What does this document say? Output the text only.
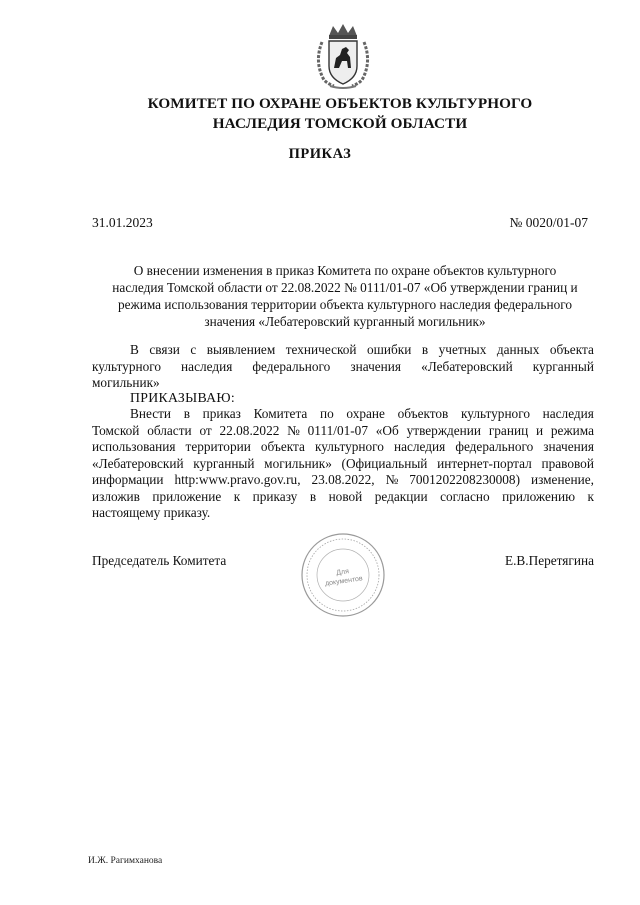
КОМИТЕТ ПО ОХРАНЕ ОБЪЕКТОВ КУЛЬТУРНОГО
НАСЛЕДИЯ ТОМСКОЙ ОБЛАСТИ
ПРИКАЗ
31.01.2023	№ 0020/01-07
О внесении изменения в приказ Комитета по охране объектов культурного
наследия Томской области от 22.08.2022 № 0111/01-07 «Об утверждении границ и
режима использования территории объекта культурного наследия федерального
значения «Лебатеровский курганный могильник»
В связи с выявлением технической ошибки в учетных данных объекта
культурного наследия федерального значения «Лебатеровский курганный
могильник»
ПРИКАЗЫВАЮ:
Внести в приказ Комитета по охране объектов культурного наследия
Томской области от 22.08.2022 № 0111/01-07 «Об утверждении границ и режима
использования территории объекта культурного наследия федерального значения
«Лебатеровский курганный могильник» (Официальный интернет-портал правовой
информации http:www.pravo.gov.ru, 23.08.2022, № 7001202208230008) изменение,
изложив приложение к приказу в новой редакции согласно приложению к
настоящему приказу.
Председатель Комитета
Для
документов
Е.В.Перетягина
И.Ж. Рагимханова
